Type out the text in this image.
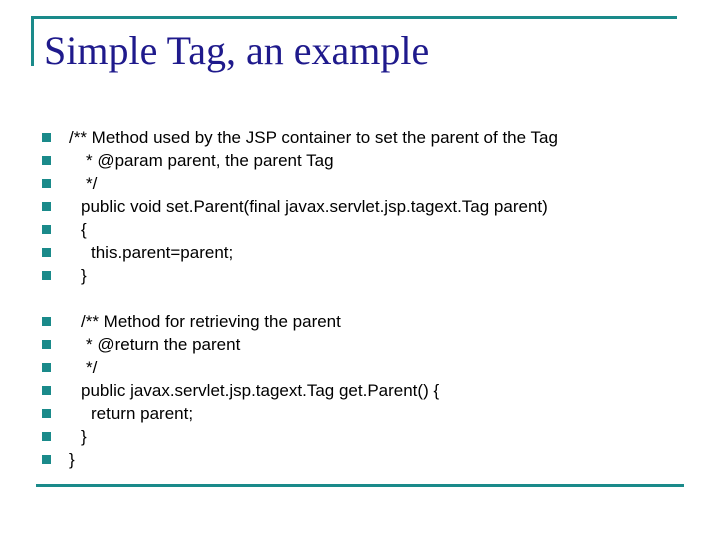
Simple Tag, an example
/** Method used by the JSP container to set the parent of the Tag
* @param parent, the parent Tag
*/
public void set.Parent(final javax.servlet.jsp.tagext.Tag parent)
{
this.parent=parent;
}
/** Method for retrieving the parent
* @return the parent
*/
public javax.servlet.jsp.tagext.Tag get.Parent() {
return parent;
}
}
